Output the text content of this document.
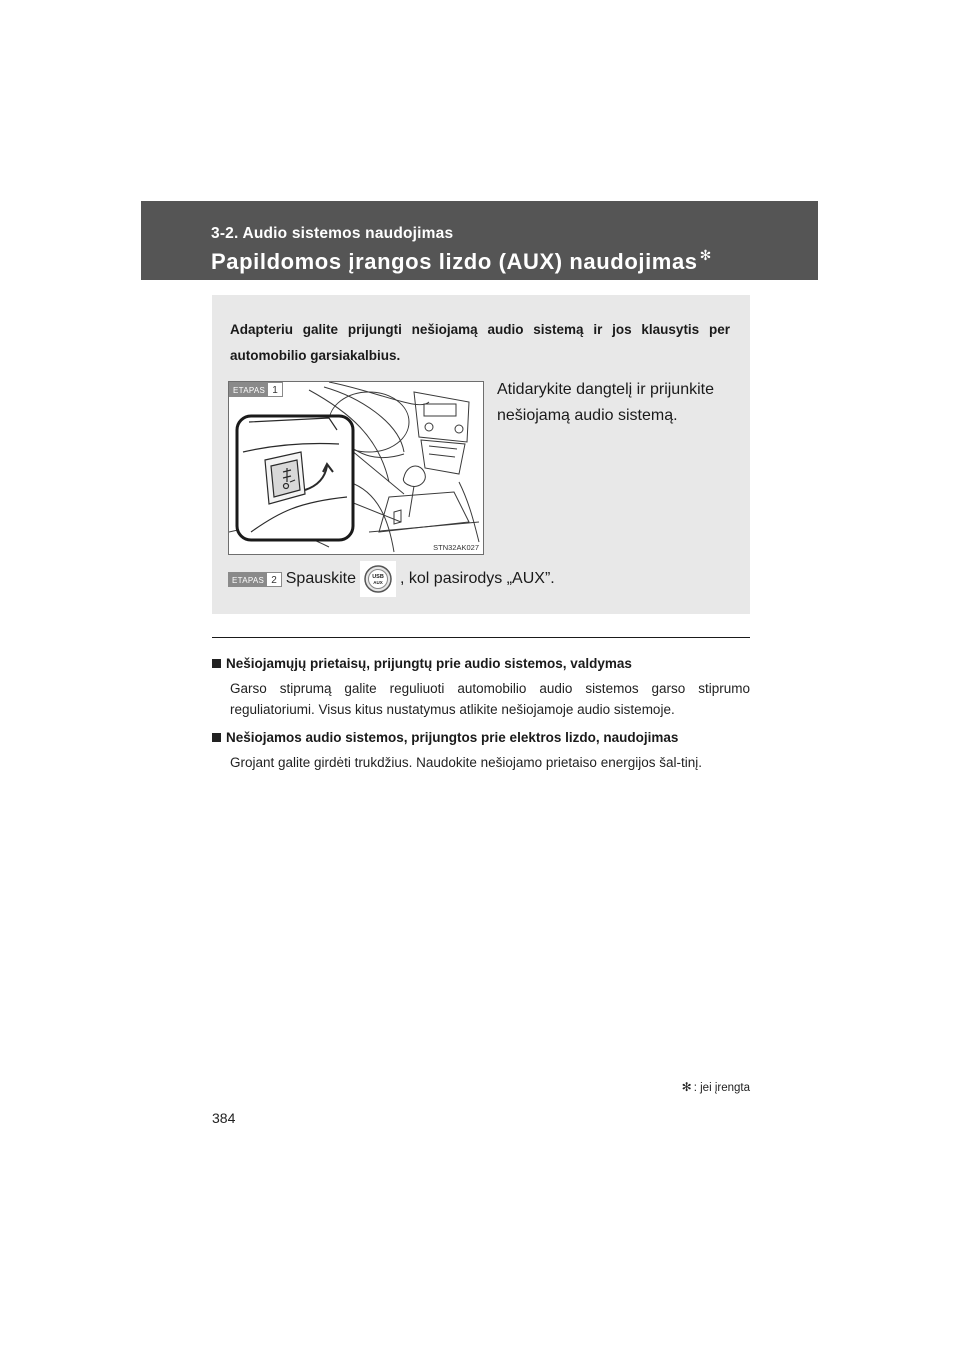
3-2. Audio sistemos naudojimas
Papildomos įrangos lizdo (AUX) naudojimas ✻
Adapteriu galite prijungti nešiojamą audio sistemą ir jos klausytis per automobilio garsiakalbius.
ETAPAS 1
STN32AK027
Atidarykite dangtelį ir prijunkite
nešiojamą audio sistemą.
ETAPAS 2 Spauskite	USB
AUX , kol pasirodys „AUX”.
Nešiojamųjų prietaisų, prijungtų prie audio sistemos, valdymas
Garso stiprumą galite reguliuoti automobilio audio sistemos garso stiprumo reguliatoriumi. Visus kitus nustatymus atlikite nešiojamoje audio sistemoje.
Nešiojamos audio sistemos, prijungtos prie elektros lizdo, naudojimas
Grojant galite girdėti trukdžius. Naudokite nešiojamo prietaiso energijos šal-tinį.
✻ : jei įrengta
384
